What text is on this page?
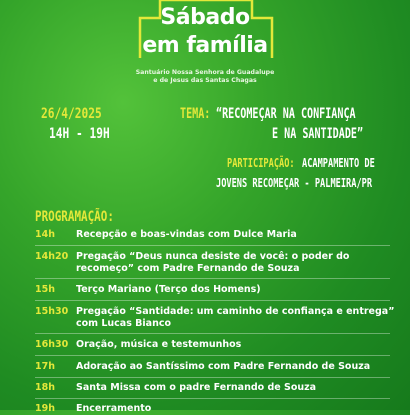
Sábado
em família
Santuário Nossa Senhora de Guadalupe
e de Jesus das Santas Chagas
26/4/2025
14H - 19H
TEMA: “RECOMEÇAR NA CONFIANÇA
E NA SANTIDADE”
PARTICIPAÇÃO: ACAMPAMENTO DE
JOVENS RECOMEÇAR - PALMEIRA/PR
PROGRAMAÇÃO:
14h Recepção e boas-vindas com Dulce Maria
14h20 Pregação “Deus nunca desiste de você: o poder do recomeço” com Padre Fernando de Souza
15h Terço Mariano (Terço dos Homens)
15h30 Pregação “Santidade: um caminho de confiança e entrega” com Lucas Bianco
16h30 Oração, música e testemunhos
17h Adoração ao Santíssimo com Padre Fernando de Souza
18h Santa Missa com o padre Fernando de Souza
19h Encerramento
